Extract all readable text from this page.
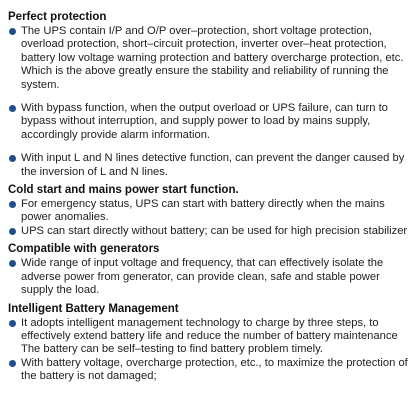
Perfect protection
The UPS contain I/P and O/P over–protection, short voltage protection, overload protection, short–circuit protection, inverter over–heat protection, battery low voltage warning protection and battery overcharge protection, etc. Which is the above greatly ensure the stability and reliability of running the system.
With bypass function, when the output overload or UPS failure, can turn to bypass without interruption, and supply power to load by mains supply, accordingly provide alarm information.
With input L and N lines detective function, can prevent the danger caused by the inversion of L and N lines.
Cold start and mains power start function.
For emergency status, UPS can start with battery directly when the mains power anomalies.
UPS can start directly without battery; can be used for high precision stabilizer
Compatible with generators
Wide range of input voltage and frequency, that can effectively isolate the adverse power from generator, can provide clean, safe and stable power supply the load.
Intelligent Battery Management
It adopts intelligent management technology to charge by three steps, to effectively extend battery life and reduce the number of battery maintenance
The battery can be self–testing to find battery problem timely.
With battery voltage, overcharge protection, etc., to maximize the protection of the battery is not damaged;
